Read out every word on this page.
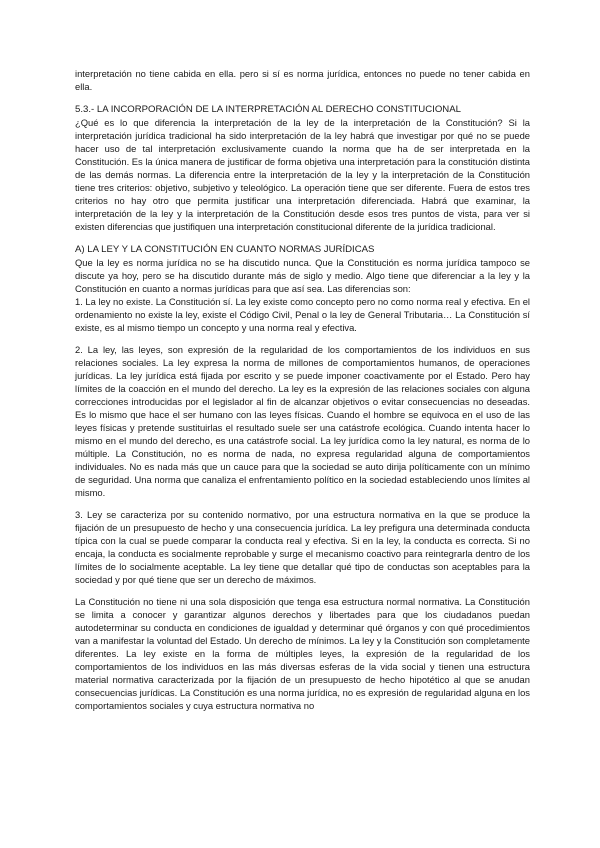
interpretación no tiene cabida en ella. pero si sí es norma jurídica, entonces no puede no tener cabida en ella.

5.3.- LA INCORPORACIÓN DE LA INTERPRETACIÓN AL DERECHO CONSTITUCIONAL

¿Qué es lo que diferencia la interpretación de la ley de la interpretación de la Constitución? Si la interpretación jurídica tradicional ha sido interpretación de la ley habrá que investigar por qué no se puede hacer uso de tal interpretación exclusivamente cuando la norma que ha de ser interpretada en la Constitución. Es la única manera de justificar de forma objetiva una interpretación para la constitución distinta de las demás normas. La diferencia entre la interpretación de la ley y la interpretación de la Constitución tiene tres criterios: objetivo, subjetivo y teleológico. La operación tiene que ser diferente. Fuera de estos tres criterios no hay otro que permita justificar una interpretación diferenciada. Habrá que examinar, la interpretación de la ley y la interpretación de la Constitución desde esos tres puntos de vista, para ver si existen diferencias que justifiquen una interpretación constitucional diferente de la jurídica tradicional.

A) LA LEY Y LA CONSTITUCIÓN EN CUANTO NORMAS JURÍDICAS

Que la ley es norma jurídica no se ha discutido nunca. Que la Constitución es norma jurídica tampoco se discute ya hoy, pero se ha discutido durante más de siglo y medio. Algo tiene que diferenciar a la ley y la Constitución en cuanto a normas jurídicas para que así sea. Las diferencias son:

1. La ley no existe. La Constitución sí. La ley existe como concepto pero no como norma real y efectiva. En el ordenamiento no existe la ley, existe el Código Civil, Penal o la ley de General Tributaria… La Constitución sí existe, es al mismo tiempo un concepto y una norma real y efectiva.

2. La ley, las leyes, son expresión de la regularidad de los comportamientos de los individuos en sus relaciones sociales. La ley expresa la norma de millones de comportamientos humanos, de operaciones jurídicas. La ley jurídica está fijada por escrito y se puede imponer coactivamente por el Estado. Pero hay límites de la coacción en el mundo del derecho. La ley es la expresión de las relaciones sociales con alguna correcciones introducidas por el legislador al fin de alcanzar objetivos o evitar consecuencias no deseadas. Es lo mismo que hace el ser humano con las leyes físicas. Cuando el hombre se equivoca en el uso de las leyes físicas y pretende sustituirlas el resultado suele ser una catástrofe ecológica. Cuando intenta hacer lo mismo en el mundo del derecho, es una catástrofe social. La ley jurídica como la ley natural, es norma de lo múltiple. La Constitución, no es norma de nada, no expresa regularidad alguna de comportamientos individuales. No es nada más que un cauce para que la sociedad se auto dirija políticamente con un mínimo de seguridad. Una norma que canaliza el enfrentamiento político en la sociedad estableciendo unos límites al mismo.

3. Ley se caracteriza por su contenido normativo, por una estructura normativa en la que se produce la fijación de un presupuesto de hecho y una consecuencia jurídica. La ley prefigura una determinada conducta típica con la cual se puede comparar la conducta real y efectiva. Si en la ley, la conducta es correcta. Si no encaja, la conducta es socialmente reprobable y surge el mecanismo coactivo para reintegrarla dentro de los límites de lo socialmente aceptable. La ley tiene que detallar qué tipo de conductas son aceptables para la sociedad y por qué tiene que ser un derecho de máximos.

La Constitución no tiene ni una sola disposición que tenga esa estructura normal normativa. La Constitución se limita a conocer y garantizar algunos derechos y libertades para que los ciudadanos puedan autodeterminar su conducta en condiciones de igualdad y determinar qué órganos y con qué procedimientos van a manifestar la voluntad del Estado. Un derecho de mínimos. La ley y la Constitución son completamente diferentes. La ley existe en la forma de múltiples leyes, la expresión de la regularidad de los comportamientos de los individuos en las más diversas esferas de la vida social y tienen una estructura material normativa caracterizada por la fijación de un presupuesto de hecho hipotético al que se anudan consecuencias jurídicas. La Constitución es una norma jurídica, no es expresión de regularidad alguna en los comportamientos sociales y cuya estructura normativa no
